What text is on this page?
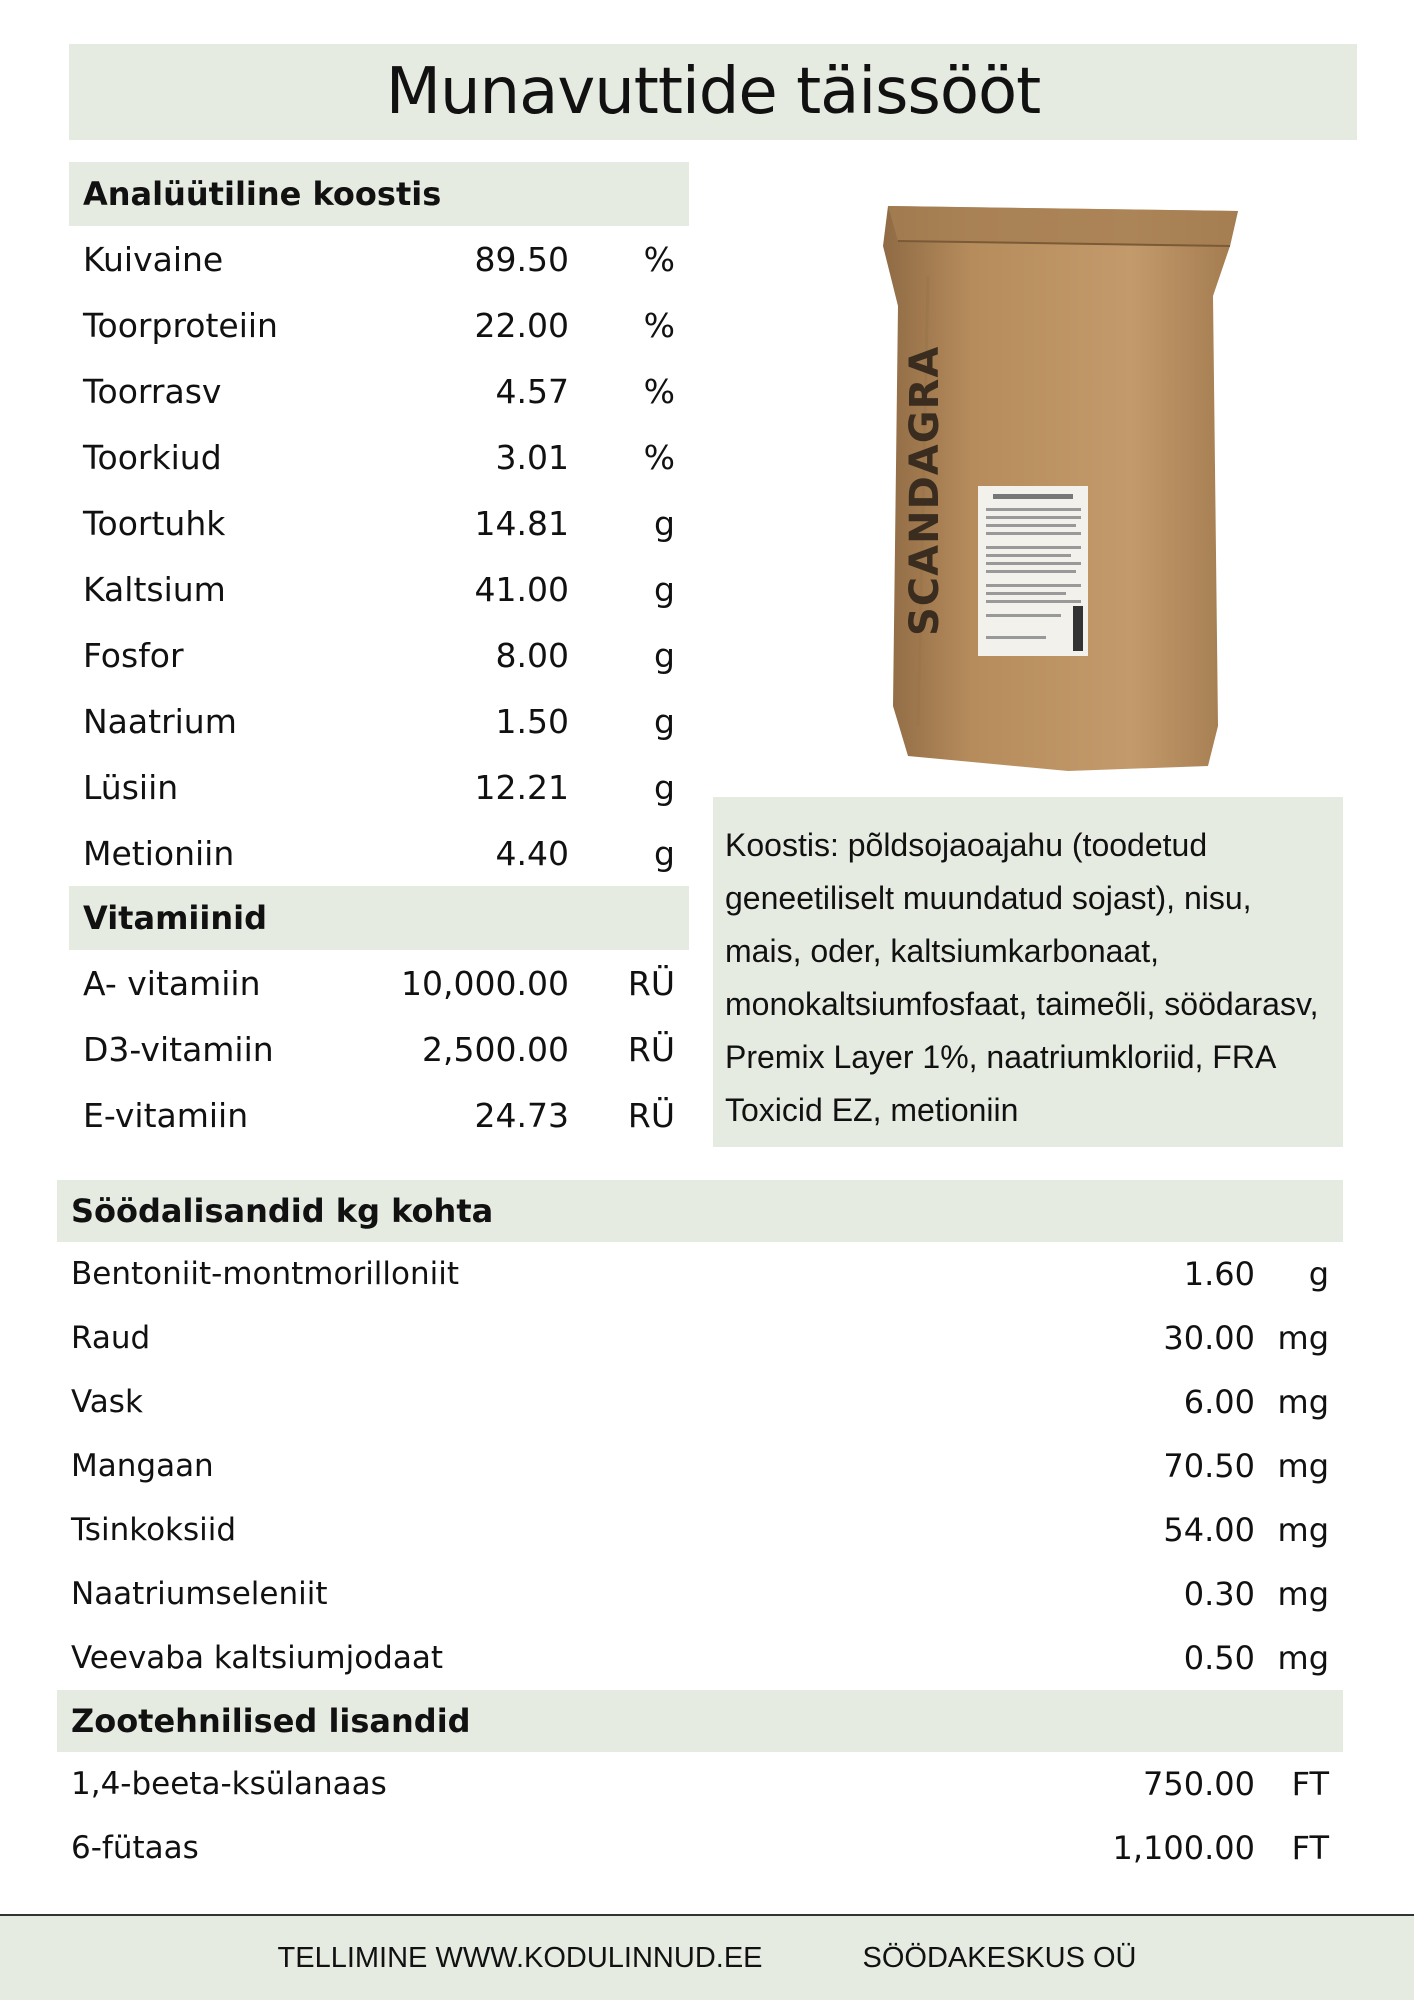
Munavuttide täissööt
Analüütiline koostis
Kuivaine	89.50	%
Toorproteiin	22.00	%
Toorrasv	4.57	%
Toorkiud	3.01	%
Toortuhk	14.81	g
Kaltsium	41.00	g
Fosfor	8.00	g
Naatrium	1.50	g
Lüsiin	12.21	g
Metioniin	4.40	g
Vitamiinid
A- vitamiin	10,000.00	RÜ
D3-vitamiin	2,500.00	RÜ
E-vitamiin	24.73	RÜ
SCANDAGRA

Koostis: põldsojaoajahu (toodetud geneetiliselt muundatud sojast), nisu, mais, oder, kaltsiumkarbonaat, monokaltsiumfosfaat, taimeõli, söödarasv, Premix Layer 1%, naatriumkloriid, FRA Toxicid EZ, metioniin

Söödalisandid kg kohta
Bentoniit-montmorilloniit	1.60	g
Raud	30.00 mg
Vask	6.00 mg
Mangaan	70.50 mg
Tsinkoksiid	54.00 mg
Naatriumseleniit	0.30 mg
Veevaba kaltsiumjodaat	0.50 mg
Zootehnilised lisandid
1,4-beeta-ksülanaas	750.00	FT
6-fütaas	1,100.00	FT
TELLIMINE WWW.KODULINNUD.EE	SÖÖDAKESKUS OÜ
